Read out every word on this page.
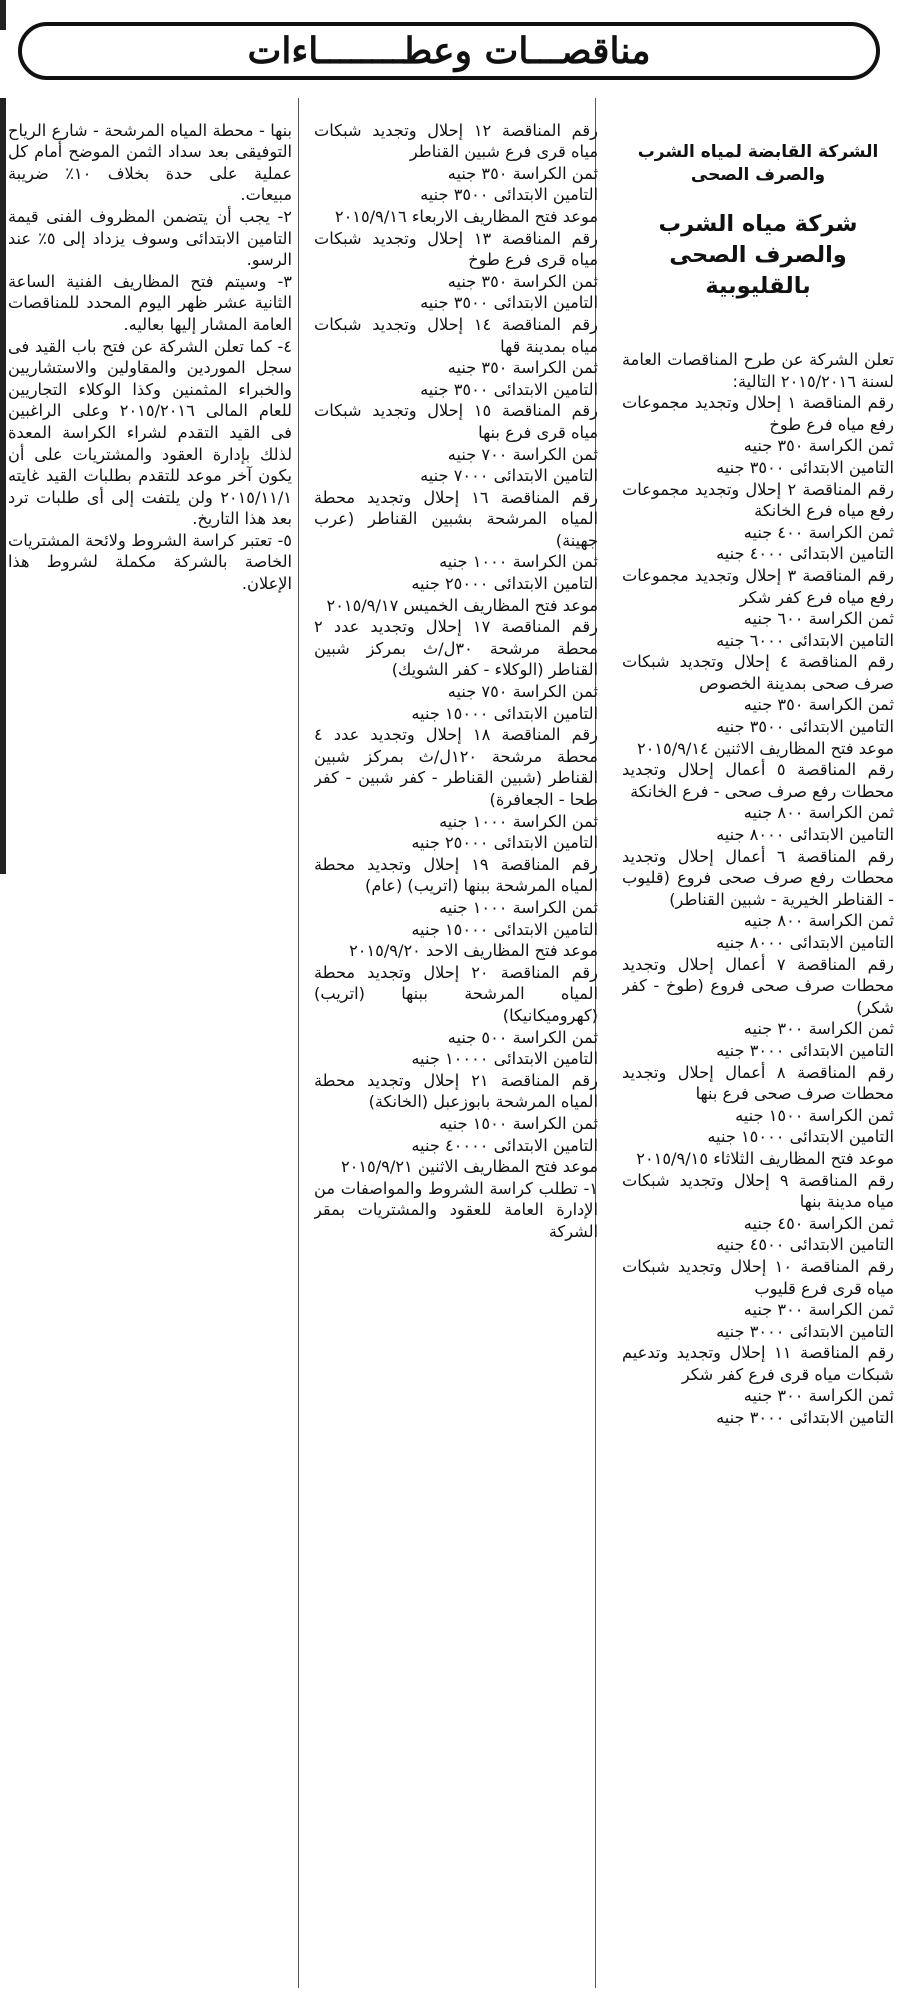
مناقصـــات وعطــــــــاءات

الشركة القابضة لمياه الشرب والصرف الصحى

شركة مياه الشرب والصرف الصحى بالقليوبية

تعلن الشركة عن طرح المناقصات العامة لسنة ٢٠١٥/٢٠١٦ التالية:
رقم المناقصة ١ إحلال وتجديد مجموعات رفع مياه فرع طوخ
ثمن الكراسة ٣٥٠ جنيه
التامين الابتدائى ٣٥٠٠ جنيه
رقم المناقصة ٢ إحلال وتجديد مجموعات رفع مياه فرع الخانكة
ثمن الكراسة ٤٠٠ جنيه
التامين الابتدائى ٤٠٠٠ جنيه
رقم المناقصة ٣ إحلال وتجديد مجموعات رفع مياه فرع كفر شكر
ثمن الكراسة ٦٠٠ جنيه
التامين الابتدائى ٦٠٠٠ جنيه
رقم المناقصة ٤ إحلال وتجديد شبكات صرف صحى بمدينة الخصوص
ثمن الكراسة ٣٥٠ جنيه
التامين الابتدائى ٣٥٠٠ جنيه
موعد فتح المظاريف الاثنين ٢٠١٥/٩/١٤
رقم المناقصة ٥ أعمال إحلال وتجديد محطات رفع صرف صحى - فرع الخانكة
ثمن الكراسة ٨٠٠ جنيه
التامين الابتدائى ٨٠٠٠ جنيه
رقم المناقصة ٦ أعمال إحلال وتجديد محطات رفع صرف صحى فروع (قليوب - القناطر الخيرية - شبين القناطر)
ثمن الكراسة ٨٠٠ جنيه
التامين الابتدائى ٨٠٠٠ جنيه
رقم المناقصة ٧ أعمال إحلال وتجديد محطات صرف صحى فروع (طوخ - كفر شكر)
ثمن الكراسة ٣٠٠ جنيه
التامين الابتدائى ٣٠٠٠ جنيه
رقم المناقصة ٨ أعمال إحلال وتجديد محطات صرف صحى فرع بنها
ثمن الكراسة ١٥٠٠ جنيه
التامين الابتدائى ١٥٠٠٠ جنيه
موعد فتح المظاريف الثلاثاء ٢٠١٥/٩/١٥
رقم المناقصة ٩ إحلال وتجديد شبكات مياه مدينة بنها
ثمن الكراسة ٤٥٠ جنيه
التامين الابتدائى ٤٥٠٠ جنيه
رقم المناقصة ١٠ إحلال وتجديد شبكات مياه قرى فرع قليوب
ثمن الكراسة ٣٠٠ جنيه
التامين الابتدائى ٣٠٠٠ جنيه
رقم المناقصة ١١ إحلال وتجديد وتدعيم شبكات مياه قرى فرع كفر شكر
ثمن الكراسة ٣٠٠ جنيه
التامين الابتدائى ٣٠٠٠ جنيه

رقم المناقصة ١٢ إحلال وتجديد شبكات مياه قرى فرع شبين القناطر
ثمن الكراسة ٣٥٠ جنيه
التامين الابتدائى ٣٥٠٠ جنيه
موعد فتح المظاريف الاربعاء ٢٠١٥/٩/١٦
رقم المناقصة ١٣ إحلال وتجديد شبكات مياه قرى فرع طوخ
ثمن الكراسة ٣٥٠ جنيه
التامين الابتدائى ٣٥٠٠ جنيه
رقم المناقصة ١٤ إحلال وتجديد شبكات مياه بمدينة قها
ثمن الكراسة ٣٥٠ جنيه
التامين الابتدائى ٣٥٠٠ جنيه
رقم المناقصة ١٥ إحلال وتجديد شبكات مياه قرى فرع بنها
ثمن الكراسة ٧٠٠ جنيه
التامين الابتدائى ٧٠٠٠ جنيه
رقم المناقصة ١٦ إحلال وتجديد محطة المياه المرشحة بشبين القناطر (عرب جهينة)
ثمن الكراسة ١٠٠٠ جنيه
التامين الابتدائى ٢٥٠٠٠ جنيه
موعد فتح المظاريف الخميس ٢٠١٥/٩/١٧
رقم المناقصة ١٧ إحلال وتجديد عدد ٢ محطة مرشحة ٣٠ل/ث بمركز شبين القناطر (الوكلاء - كفر الشويك)
ثمن الكراسة ٧٥٠ جنيه
التامين الابتدائى ١٥٠٠٠ جنيه
رقم المناقصة ١٨ إحلال وتجديد عدد ٤ محطة مرشحة ١٢٠ل/ث بمركز شبين القناطر (شبين القناطر - كفر شبين - كفر طحا - الجعافرة)
ثمن الكراسة ١٠٠٠ جنيه
التامين الابتدائى ٢٥٠٠٠ جنيه
رقم المناقصة ١٩ إحلال وتجديد محطة المياه المرشحة ببنها (اتريب) (عام)
ثمن الكراسة ١٠٠٠ جنيه
التامين الابتدائى ١٥٠٠٠ جنيه
موعد فتح المظاريف الاحد ٢٠١٥/٩/٢٠
رقم المناقصة ٢٠ إحلال وتجديد محطة المياه المرشحة ببنها (اتريب) (كهروميكانيكا)
ثمن الكراسة ٥٠٠ جنيه
التامين الابتدائى ١٠٠٠٠ جنيه
رقم المناقصة ٢١ إحلال وتجديد محطة المياه المرشحة بابوزعبل (الخانكة)
ثمن الكراسة ١٥٠٠ جنيه
التامين الابتدائى ٤٠٠٠٠ جنيه
موعد فتح المظاريف الاثنين ٢٠١٥/٩/٢١
١- تطلب كراسة الشروط والمواصفات من الإدارة العامة للعقود والمشتريات بمقر الشركة

بنها - محطة المياه المرشحة - شارع الرياح التوفيقى بعد سداد الثمن الموضح أمام كل عملية على حدة بخلاف ١٠٪ ضريبة مبيعات.
٢- يجب أن يتضمن المظروف الفنى قيمة التامين الابتدائى وسوف يزداد إلى ٥٪ عند الرسو.
٣- وسيتم فتح المظاريف الفنية الساعة الثانية عشر ظهر اليوم المحدد للمناقصات العامة المشار إليها بعاليه.
٤- كما تعلن الشركة عن فتح باب القيد فى سجل الموردين والمقاولين والاستشاريين والخبراء المثمنين وكذا الوكلاء التجاريين للعام المالى ٢٠١٥/٢٠١٦ وعلى الراغبين فى القيد التقدم لشراء الكراسة المعدة لذلك بإدارة العقود والمشتريات على أن يكون آخر موعد للتقدم بطلبات القيد غايته ٢٠١٥/١١/١ ولن يلتفت إلى أى طلبات ترد بعد هذا التاريخ.
٥- تعتبر كراسة الشروط ولائحة المشتريات الخاصة بالشركة مكملة لشروط هذا الإعلان.
